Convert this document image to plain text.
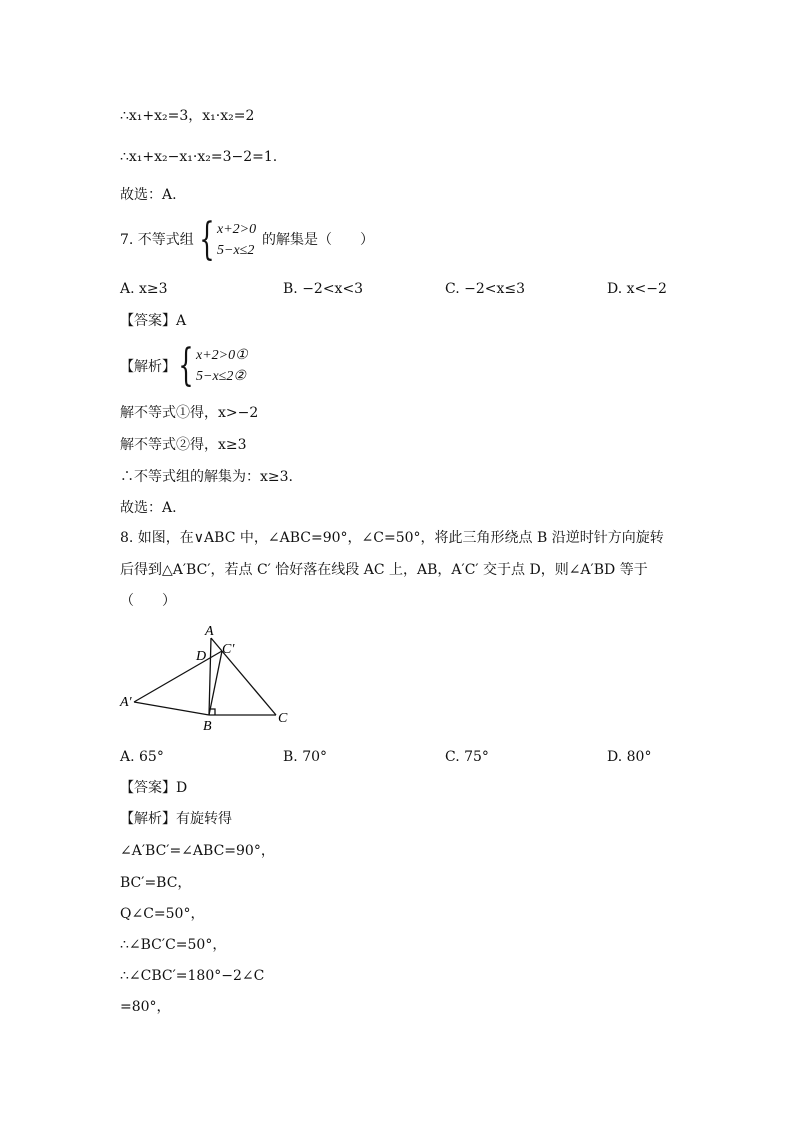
∴x₁+x₂=3，x₁·x₂=2
∴x₁+x₂−x₁·x₂=3−2=1.
故选：A.
7. 不等式组 { x+2>0
5−x≤2
的解集是（　　）
A. x≥3	B. −2<x<3	C. −2<x≤3	D. x<−2
【答案】A
【解析】 { x+2>0①
5−x≤2②
解不等式①得，x>−2
解不等式②得，x≥3
∴不等式组的解集为：x≥3.
故选：A.
8. 如图，在∨ABC 中，∠ABC=90°，∠C=50°，将此三角形绕点 B 沿逆时针方向旋转
后得到△A′BC′，若点 C′ 恰好落在线段 AC 上，AB，A′C′ 交于点 D，则∠A′BD 等于
（　　）
A
D C′
A′
B
C
A. 65°	B. 70°	C. 75°	D. 80°
【答案】D
【解析】有旋转得
∠A′BC′=∠ABC=90°，
BC′=BC，
Q∠C=50°，
∴∠BC′C=50°，
∴∠CBC′=180°−2∠C
=80°，
